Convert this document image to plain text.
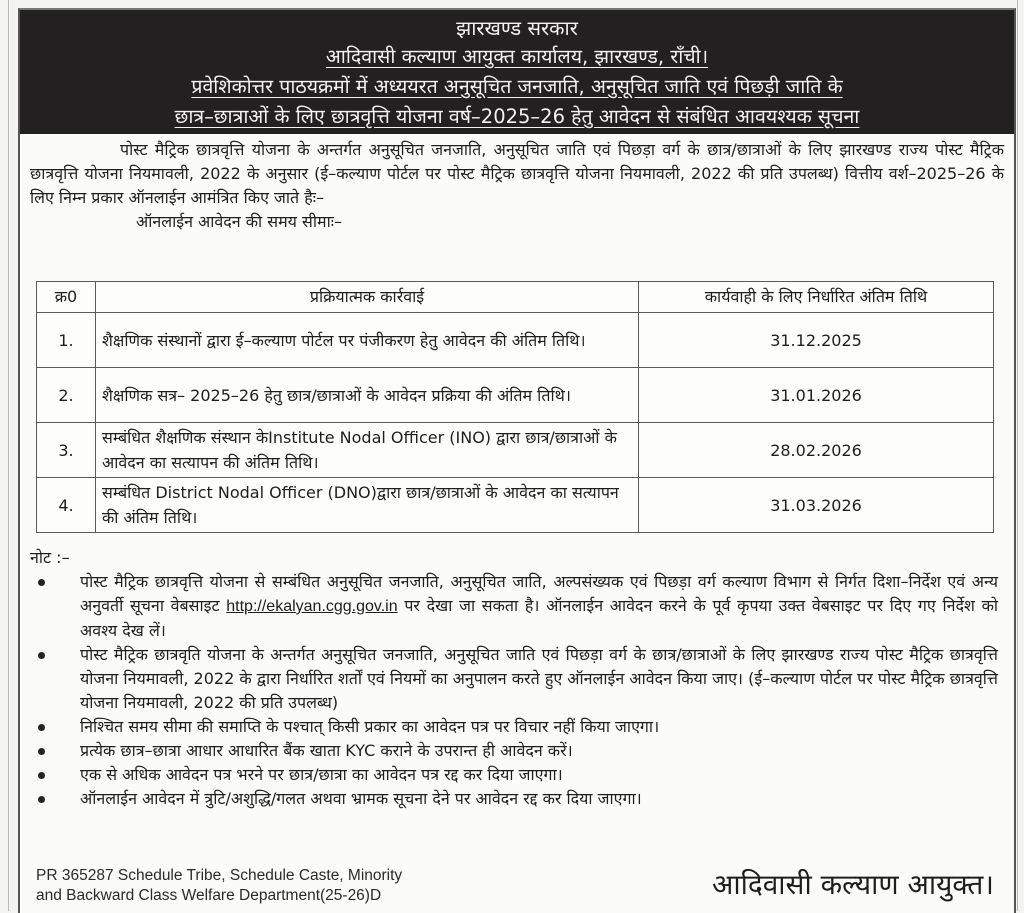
झारखण्ड सरकार
आदिवासी कल्याण आयुक्त कार्यालय, झारखण्ड, राँची।
प्रवेशिकोत्तर पाठयक्रमों में अध्ययरत अनुसूचित जनजाति, अनुसूचित जाति एवं पिछड़ी जाति के
छात्र–छात्राओं के लिए छात्रवृत्ति योजना वर्ष–2025–26 हेतु आवेदन से संबंधित आवयश्यक सूचना
पोस्ट मैट्रिक छात्रवृत्ति योजना के अन्तर्गत अनुसूचित जनजाति, अनुसूचित जाति एवं पिछड़ा वर्ग के छात्र/छात्राओं के लिए झारखण्ड राज्य पोस्ट मैट्रिक छात्रवृत्ति योजना नियमावली, 2022 के अनुसार (ई–कल्याण पोर्टल पर पोस्ट मैट्रिक छात्रवृत्ति योजना नियमावली, 2022 की प्रति उपलब्ध) वित्तीय वर्श–2025–26 के लिए निम्न प्रकार ऑनलाईन आमंत्रित किए जाते हैः–
ऑनलाईन आवेदन की समय सीमाः–
क्र0	प्रक्रियात्मक कार्रवाई	कार्यवाही के लिए निर्धारित अंतिम तिथि
1.	शैक्षणिक संस्थानों द्वारा ई–कल्याण पोर्टल पर पंजीकरण हेतु आवेदन की अंतिम तिथि।	31.12.2025
2.	शैक्षणिक सत्र– 2025–26 हेतु छात्र/छात्राओं के आवेदन प्रक्रिया की अंतिम तिथि।	31.01.2026
3.	सम्बंधित शैक्षणिक संस्थान केInstitute Nodal Officer (INO) द्वारा छात्र/छात्राओं के आवेदन का सत्यापन की अंतिम तिथि।	28.02.2026
4.	सम्बंधित District Nodal Officer (DNO)द्वारा छात्र/छात्राओं के आवेदन का सत्यापन की अंतिम तिथि।	31.03.2026
नोट :–
पोस्ट मैट्रिक छात्रवृत्ति योजना से सम्बंधित अनुसूचित जनजाति, अनुसूचित जाति, अल्पसंख्यक एवं पिछड़ा वर्ग कल्याण विभाग से निर्गत दिशा–निर्देश एवं अन्य अनुवर्ती सूचना वेबसाइट http://ekalyan.cgg.gov.in पर देखा जा सकता है। ऑनलाईन आवेदन करने के पूर्व कृपया उक्त वेबसाइट पर दिए गए निर्देश को अवश्य देख लें।
पोस्ट मैट्रिक छात्रवृति योजना के अन्तर्गत अनुसूचित जनजाति, अनुसूचित जाति एवं पिछड़ा वर्ग के छात्र/छात्राओं के लिए झारखण्ड राज्य पोस्ट मैट्रिक छात्रवृत्ति योजना नियमावली, 2022 के द्वारा निर्धारित शर्तों एवं नियमों का अनुपालन करते हुए ऑनलाईन आवेदन किया जाए। (ई–कल्याण पोर्टल पर पोस्ट मैट्रिक छात्रवृत्ति योजना नियमावली, 2022 की प्रति उपलब्ध)
निश्चित समय सीमा की समाप्ति के पश्चात् किसी प्रकार का आवेदन पत्र पर विचार नहीं किया जाएगा।
प्रत्येक छात्र–छात्रा आधार आधारित बैंक खाता KYC कराने के उपरान्त ही आवेदन करें।
एक से अधिक आवेदन पत्र भरने पर छात्र/छात्रा का आवेदन पत्र रद्द कर दिया जाएगा।
ऑनलाईन आवेदन में त्रुटि/अशुद्धि/गलत अथवा भ्रामक सूचना देने पर आवेदन रद्द कर दिया जाएगा।
PR 365287 Schedule Tribe, Schedule Caste, Minority
and Backward Class Welfare Department(25-26)D	आदिवासी कल्याण आयुक्त।
